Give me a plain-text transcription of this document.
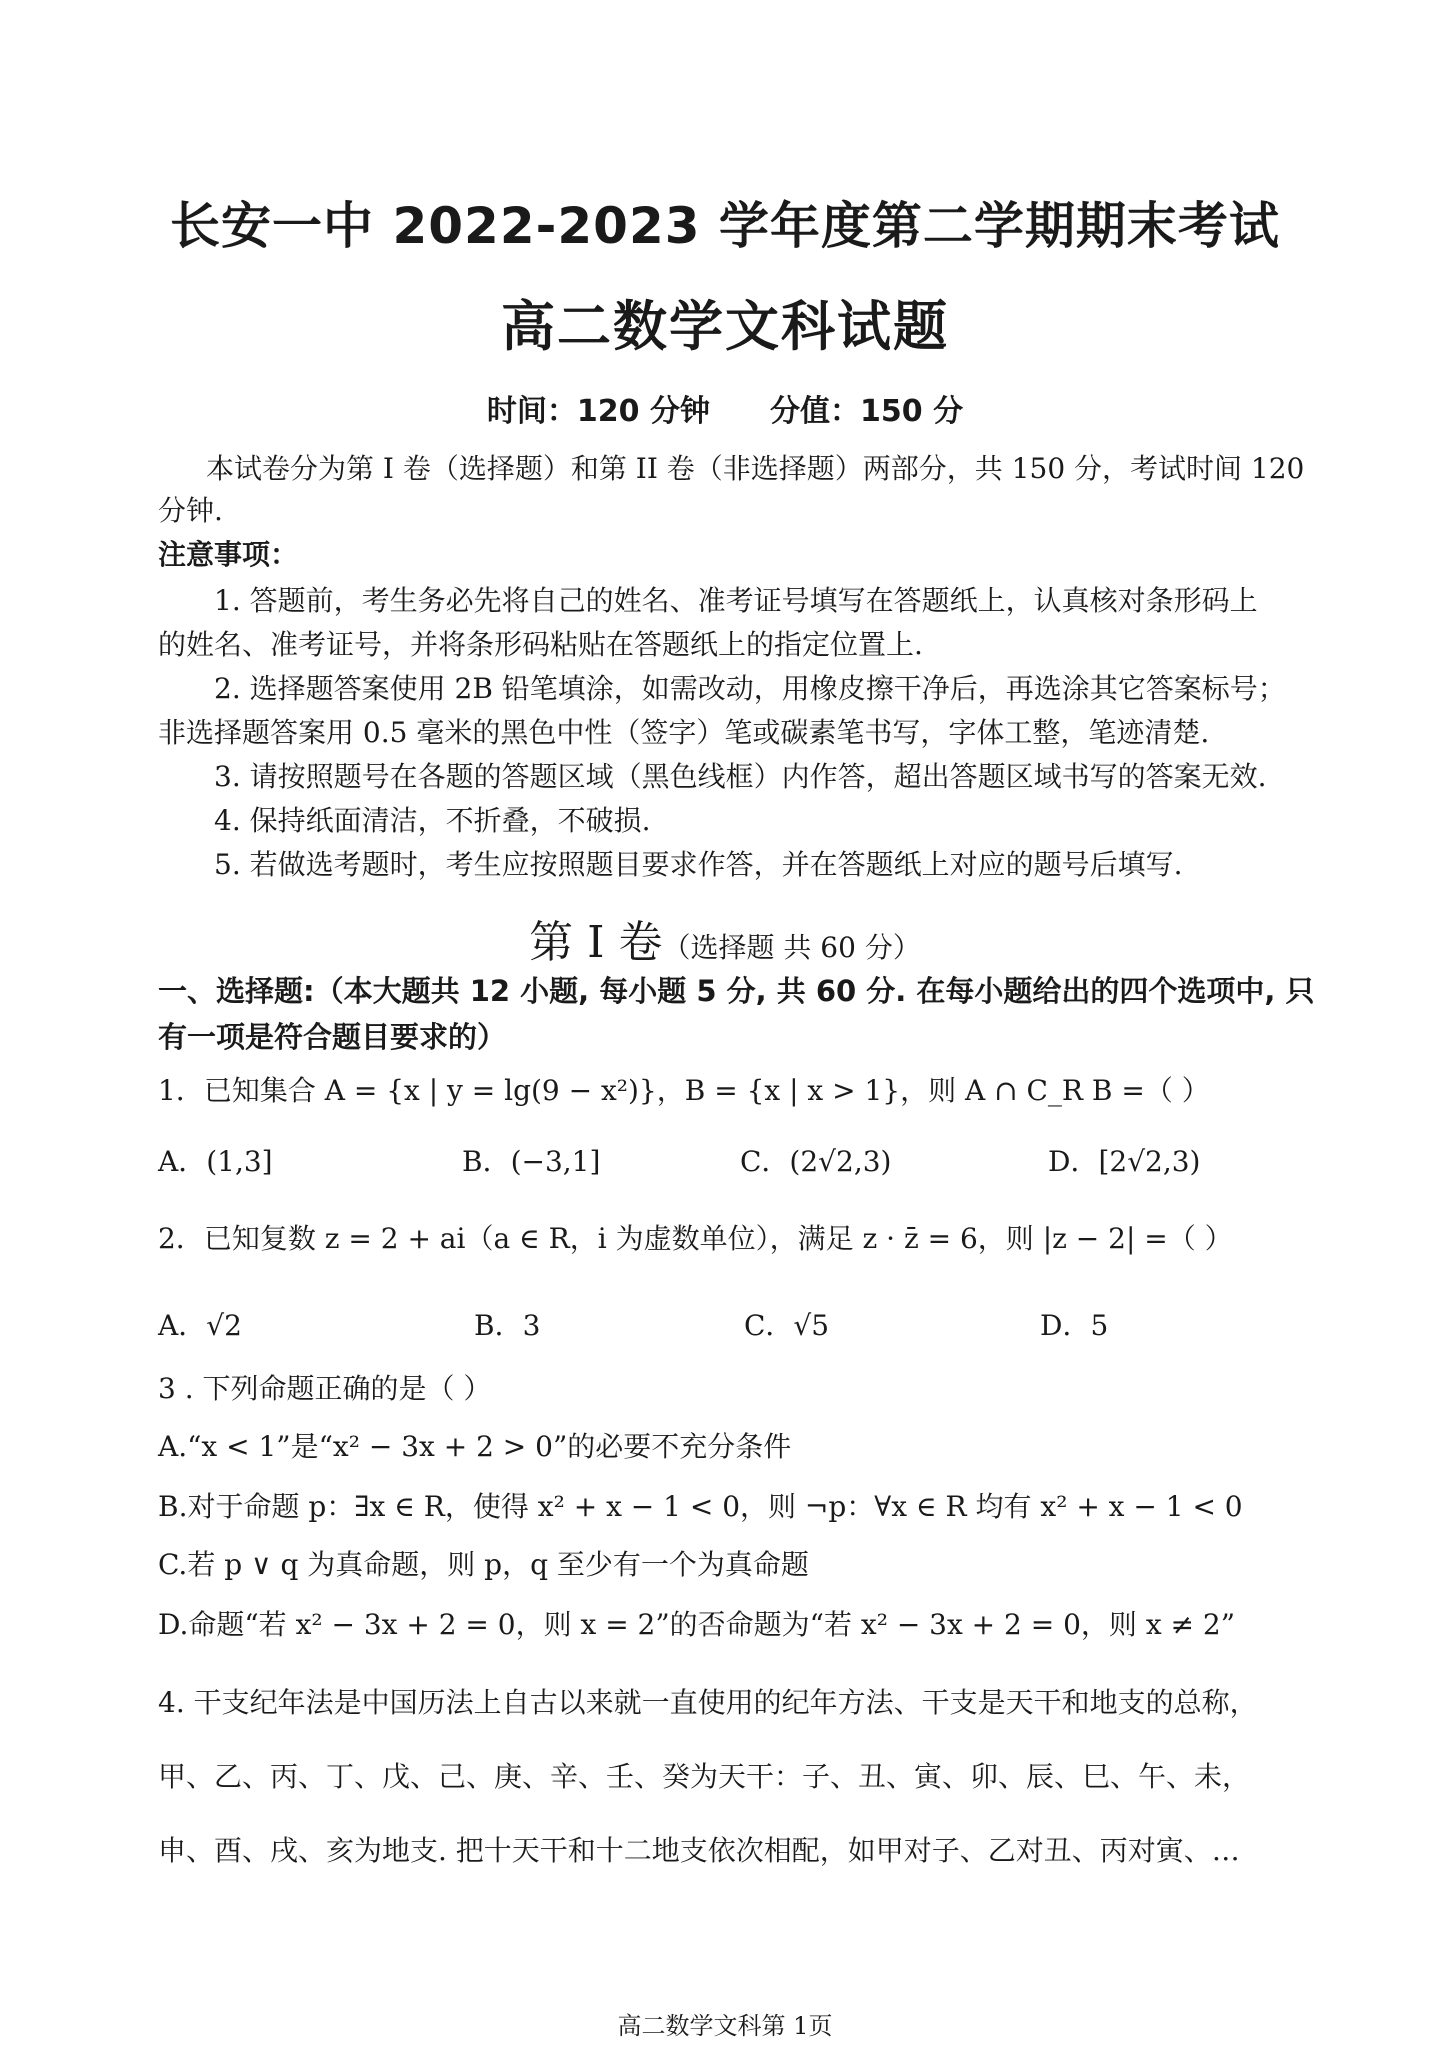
长安一中 2022-2023 学年度第二学期期末考试
高二数学文科试题
时间：120 分钟 分值：150 分
本试卷分为第 I 卷（选择题）和第 II 卷（非选择题）两部分，共 150 分，考试时间 120
分钟.
注意事项：
1. 答题前，考生务必先将自己的姓名、准考证号填写在答题纸上，认真核对条形码上
的姓名、准考证号，并将条形码粘贴在答题纸上的指定位置上.
2. 选择题答案使用 2B 铅笔填涂，如需改动，用橡皮擦干净后，再选涂其它答案标号；
非选择题答案用 0.5 毫米的黑色中性（签字）笔或碳素笔书写，字体工整，笔迹清楚.
3. 请按照题号在各题的答题区域（黑色线框）内作答，超出答题区域书写的答案无效.
4. 保持纸面清洁，不折叠，不破损.
5. 若做选考题时，考生应按照题目要求作答，并在答题纸上对应的题号后填写.
第 I 卷（选择题 共 60 分）
一、选择题:（本大题共 12 小题, 每小题 5 分, 共 60 分. 在每小题给出的四个选项中, 只
有一项是符合题目要求的）
1．已知集合 A = {x | y = lg(9 − x²)}，B = {x | x > 1}，则 A ∩ C_R B =（ ）
A．(1,3]	B．(−3,1]	C．(2√2,3)	D．[2√2,3)
2．已知复数 z = 2 + ai（a ∈ R，i 为虚数单位），满足 z · z̄ = 6，则 |z − 2| =（ ）
A．√2	B．3	C．√5	D．5
3 . 下列命题正确的是（ ）
A.“x < 1”是“x² − 3x + 2 > 0”的必要不充分条件
B.对于命题 p：∃x ∈ R，使得 x² + x − 1 < 0，则 ¬p：∀x ∈ R 均有 x² + x − 1 < 0
C.若 p ∨ q 为真命题，则 p，q 至少有一个为真命题
D.命题“若 x² − 3x + 2 = 0，则 x = 2”的否命题为“若 x² − 3x + 2 = 0，则 x ≠ 2”
4. 干支纪年法是中国历法上自古以来就一直使用的纪年方法、干支是天干和地支的总称，
甲、乙、丙、丁、戊、己、庚、辛、壬、癸为天干：子、丑、寅、卯、辰、巳、午、未，
申、酉、戌、亥为地支. 把十天干和十二地支依次相配，如甲对子、乙对丑、丙对寅、…
高二数学文科第 1页
